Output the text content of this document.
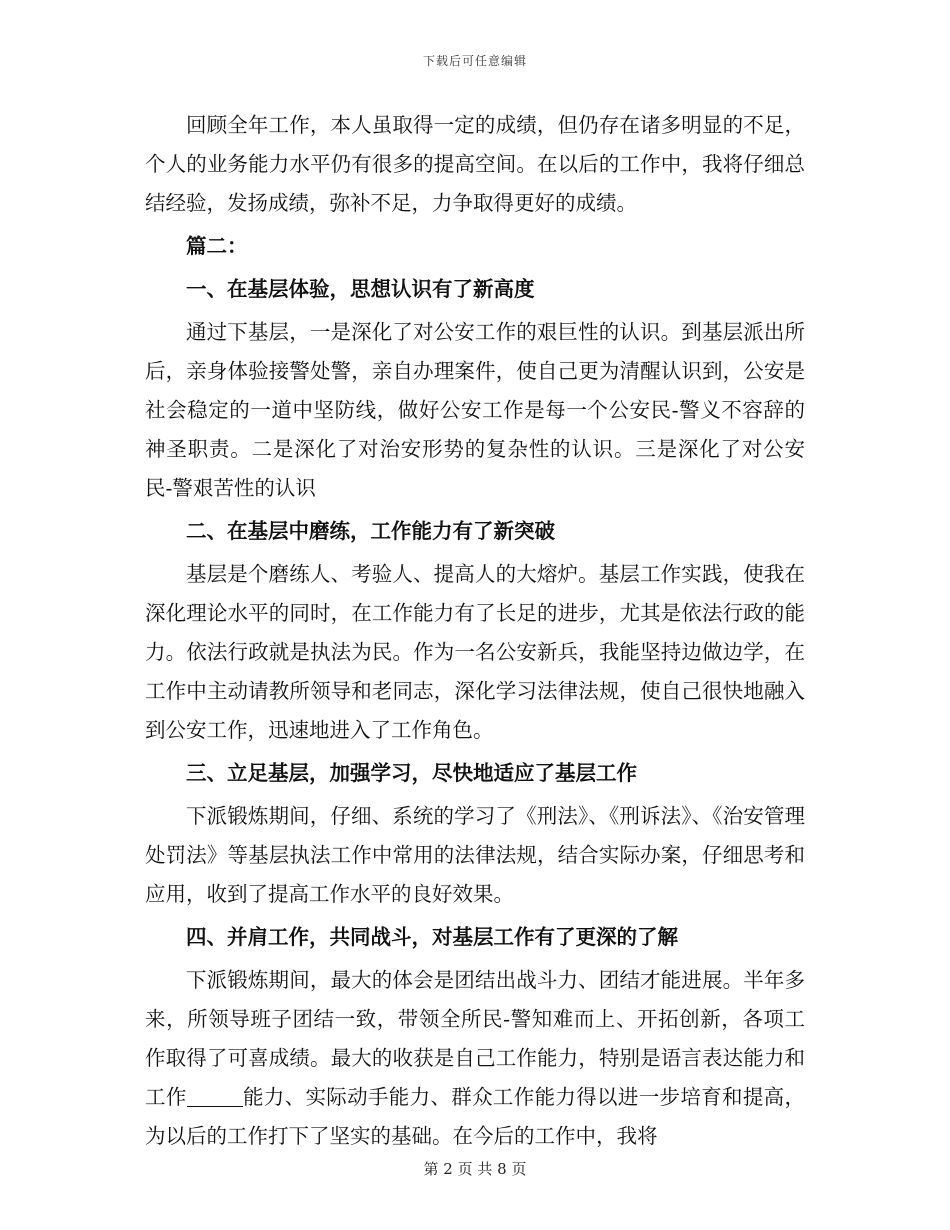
下载后可任意编辑

回顾全年工作，本人虽取得一定的成绩，但仍存在诸多明显的不足，个人的业务能力水平仍有很多的提高空间。在以后的工作中，我将仔细总结经验，发扬成绩，弥补不足，力争取得更好的成绩。

篇二：

一、在基层体验，思想认识有了新高度

通过下基层，一是深化了对公安工作的艰巨性的认识。到基层派出所后，亲身体验接警处警，亲自办理案件，使自己更为清醒认识到，公安是社会稳定的一道中坚防线，做好公安工作是每一个公安民-警义不容辞的神圣职责。二是深化了对治安形势的复杂性的认识。三是深化了对公安民-警艰苦性的认识

二、在基层中磨练，工作能力有了新突破

基层是个磨练人、考验人、提高人的大熔炉。基层工作实践，使我在深化理论水平的同时，在工作能力有了长足的进步，尤其是依法行政的能力。依法行政就是执法为民。作为一名公安新兵，我能坚持边做边学，在工作中主动请教所领导和老同志，深化学习法律法规，使自己很快地融入到公安工作，迅速地进入了工作角色。

三、立足基层，加强学习，尽快地适应了基层工作

下派锻炼期间，仔细、系统的学习了《刑法》、《刑诉法》、《治安管理处罚法》等基层执法工作中常用的法律法规，结合实际办案，仔细思考和应用，收到了提高工作水平的良好效果。

四、并肩工作，共同战斗，对基层工作有了更深的了解

下派锻炼期间，最大的体会是团结出战斗力、团结才能进展。半年多来，所领导班子团结一致，带领全所民-警知难而上、开拓创新，各项工作取得了可喜成绩。最大的收获是自己工作能力，特别是语言表达能力和工作	能力、实际动手能力、群众工作能力得以进一步培育和提高，为以后的工作打下了坚实的基础。在今后的工作中，我将

第 2 页 共 8 页
